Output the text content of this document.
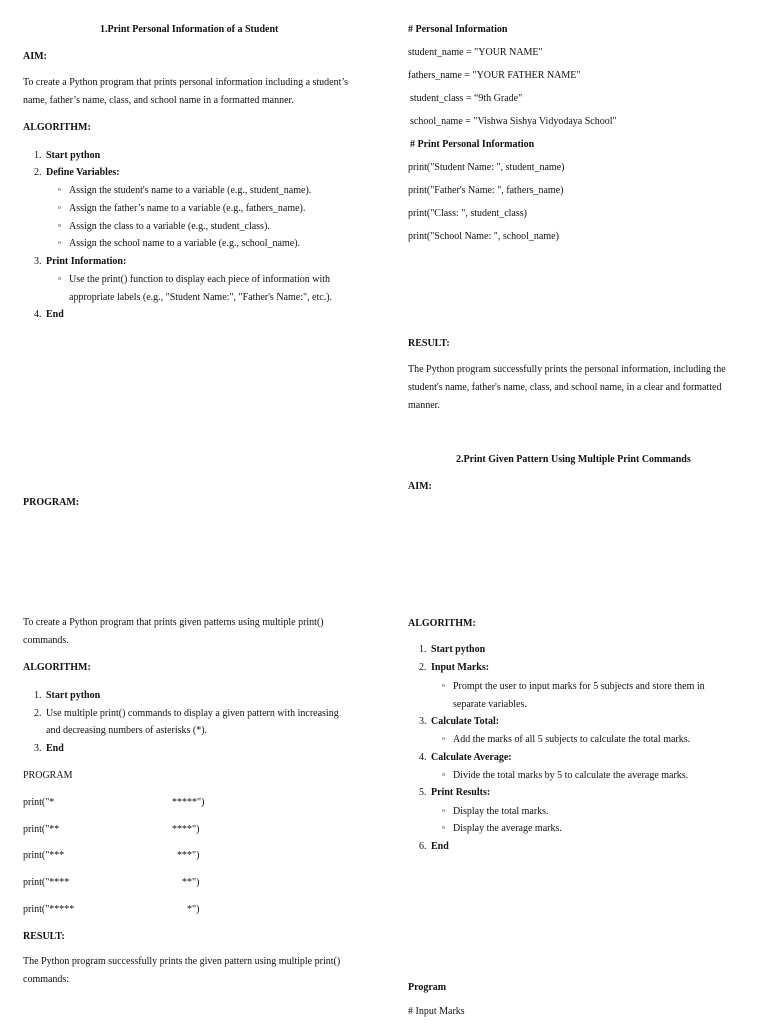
1.Print Personal Information of a Student
AIM:
To create a Python program that prints personal information including a student’s name, father’s name, class, and school name in a formatted manner.
ALGORITHM:
1. Start python
2. Define Variables:
o Assign the student's name to a variable (e.g., student_name).
o Assign the father’s name to a variable (e.g., fathers_name).
o Assign the class to a variable (e.g., student_class).
o Assign the school name to a variable (e.g., school_name).
3. Print Information:
o Use the print() function to display each piece of information with
appropriate labels (e.g., "Student Name:", "Father's Name:", etc.).
4. End
PROGRAM:
To create a Python program that prints given patterns using multiple print() commands.
ALGORITHM:
1. Start python
2. Use multiple print() commands to display a given pattern with increasing
and decreasing numbers of asterisks (*).
3. End
PROGRAM
print("*	*****")
print("**	****")
print("***	***")
print("****	**")
print("*****	*")
RESULT:
The Python program successfully prints the given pattern using multiple print() commands:
# Personal Information
student_name = "YOUR NAME"
fathers_name = "YOUR FATHER NAME"
student_class = “9th Grade"
school_name = "Vishwa Sishya Vidyodaya School"
# Print Personal Information
print("Student Name: ", student_name)
print("Father's Name: ", fathers_name)
print("Class: ", student_class)
print("School Name: ", school_name)
RESULT:
The Python program successfully prints the personal information, including the student's name, father's name, class, and school name, in a clear and formatted manner.
2.Print Given Pattern Using Multiple Print Commands
AIM:
ALGORITHM:
1. Start python
2. Input Marks:
o Prompt the user to input marks for 5 subjects and store them in
separate variables.
3. Calculate Total:
o Add the marks of all 5 subjects to calculate the total marks.
4. Calculate Average:
o Divide the total marks by 5 to calculate the average marks.
5. Print Results:
o Display the total marks.
o Display the average marks.
6. End
Program
# Input Marks
